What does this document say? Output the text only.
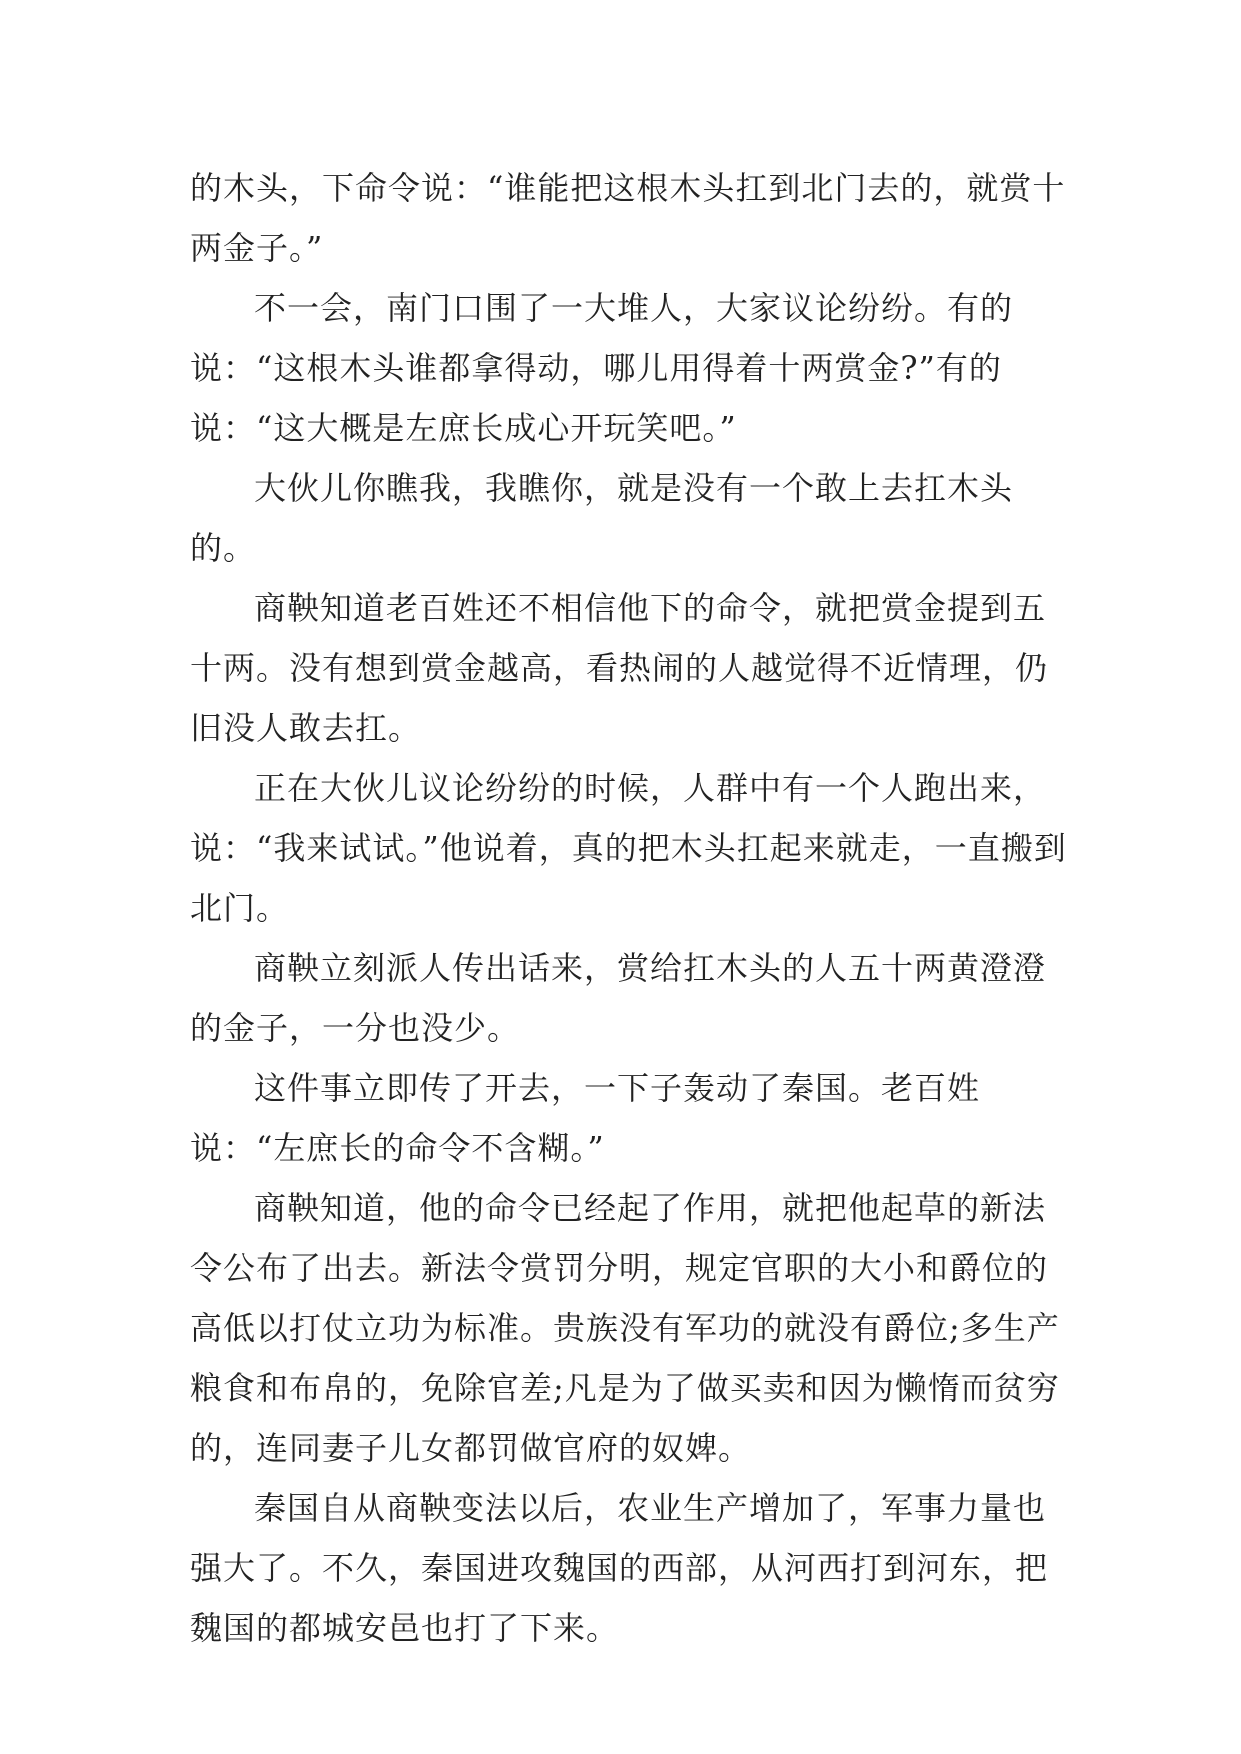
的木头，下命令说：“谁能把这根木头扛到北门去的，就赏十两金子。”

不一会，南门口围了一大堆人，大家议论纷纷。有的说：“这根木头谁都拿得动，哪儿用得着十两赏金?”有的说：“这大概是左庶长成心开玩笑吧。”

大伙儿你瞧我，我瞧你，就是没有一个敢上去扛木头的。

商鞅知道老百姓还不相信他下的命令，就把赏金提到五十两。没有想到赏金越高，看热闹的人越觉得不近情理，仍旧没人敢去扛。

正在大伙儿议论纷纷的时候，人群中有一个人跑出来，说：“我来试试。”他说着，真的把木头扛起来就走，一直搬到北门。

商鞅立刻派人传出话来，赏给扛木头的人五十两黄澄澄的金子，一分也没少。

这件事立即传了开去，一下子轰动了秦国。老百姓说：“左庶长的命令不含糊。”

商鞅知道，他的命令已经起了作用，就把他起草的新法令公布了出去。新法令赏罚分明，规定官职的大小和爵位的高低以打仗立功为标准。贵族没有军功的就没有爵位;多生产粮食和布帛的，免除官差;凡是为了做买卖和因为懒惰而贫穷的，连同妻子儿女都罚做官府的奴婢。

秦国自从商鞅变法以后，农业生产增加了，军事力量也强大了。不久，秦国进攻魏国的西部，从河西打到河东，把魏国的都城安邑也打了下来。
